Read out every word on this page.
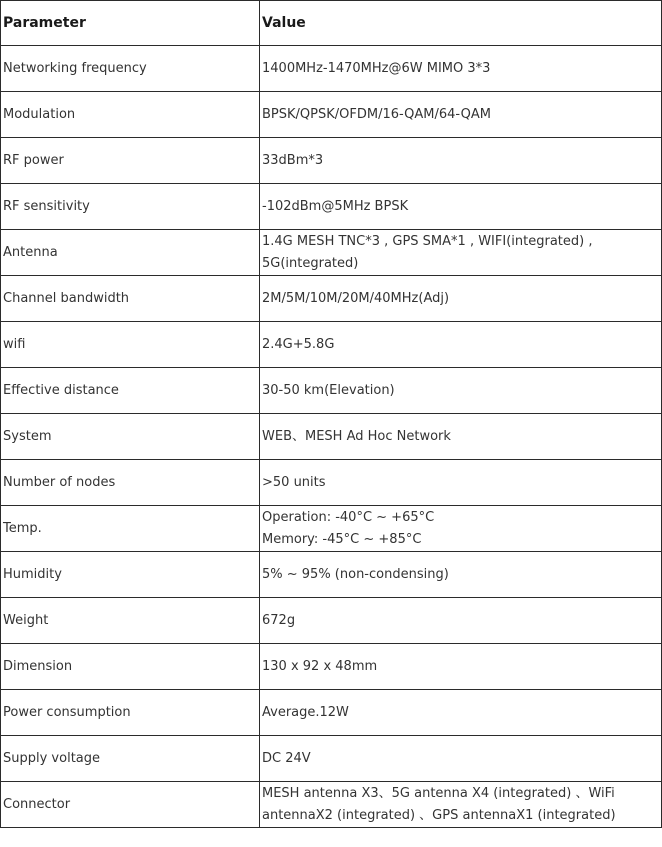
Parameter	Value
Networking frequency	1400MHz-1470MHz@6W MIMO 3*3

Modulation	BPSK/QPSK/OFDM/16-QAM/64-QAM

RF power	33dBm*3

RF sensitivity	-102dBm@5MHz BPSK

Antenna	1.4G MESH TNC*3 , GPS SMA*1 , WIFI(integrated) ,
5G(integrated)

Channel bandwidth	2M/5M/10M/20M/40MHz(Adj)

wifi	2.4G+5.8G

Effective distance	30-50 km(Elevation)

System	WEB、MESH Ad Hoc Network

Number of nodes	>50 units

Temp.	Operation: -40°C ~ +65°C
Memory: -45°C ~ +85°C

Humidity	5% ~ 95% (non-condensing)

Weight	672g

Dimension	130 x 92 x 48mm

Power consumption	Average.12W

Supply voltage	DC 24V

Connector	MESH antenna X3、5G antenna X4 (integrated) 、WiFi
antennaX2 (integrated) 、GPS antennaX1 (integrated)
